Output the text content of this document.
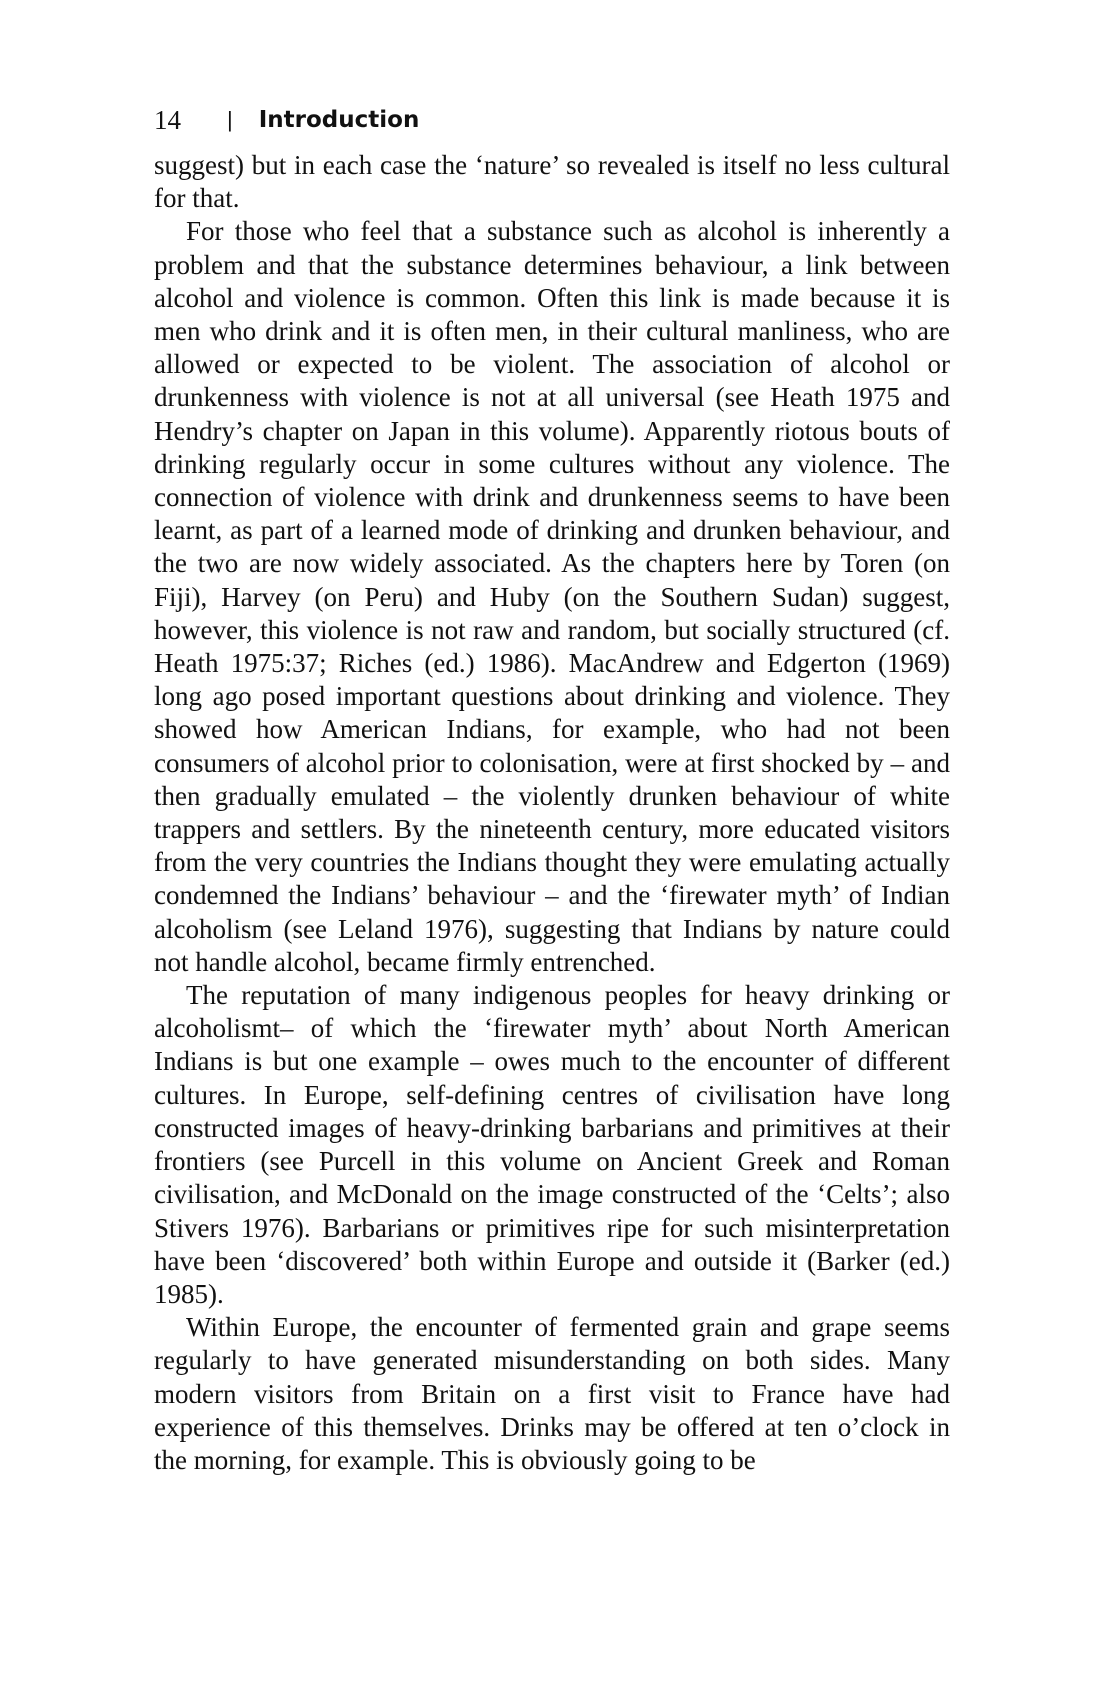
14 | Introduction

suggest) but in each case the ‘nature’ so revealed is itself no less cultural for that.

For those who feel that a substance such as alcohol is inherently a problem and that the substance determines behaviour, a link between alcohol and violence is common. Often this link is made because it is men who drink and it is often men, in their cultural manliness, who are allowed or expected to be violent. The association of alcohol or drunkenness with violence is not at all universal (see Heath 1975 and Hendry’s chapter on Japan in this volume). Apparently riotous bouts of drinking regularly occur in some cultures without any violence. The connection of violence with drink and drunkenness seems to have been learnt, as part of a learned mode of drinking and drunken behaviour, and the two are now widely associated. As the chapters here by Toren (on Fiji), Harvey (on Peru) and Huby (on the Southern Sudan) suggest, however, this violence is not raw and random, but socially structured (cf. Heath 1975:37; Riches (ed.) 1986). MacAndrew and Edgerton (1969) long ago posed important questions about drinking and violence. They showed how American Indians, for example, who had not been consumers of alcohol prior to colonisation, were at first shocked by – and then gradually emulated – the violently drunken behaviour of white trappers and settlers. By the nineteenth century, more educated visitors from the very countries the Indians thought they were emulating actually condemned the Indians’ behaviour – and the ‘firewater myth’ of Indian alcoholism (see Leland 1976), suggesting that Indians by nature could not handle alcohol, became firmly entrenched.

The reputation of many indigenous peoples for heavy drinking or alcoholismt– of which the ‘firewater myth’ about North American Indians is but one example – owes much to the encounter of different cultures. In Europe, self-defining centres of civilisation have long constructed images of heavy-drinking barbarians and primitives at their frontiers (see Purcell in this volume on Ancient Greek and Roman civilisation, and McDonald on the image constructed of the ‘Celts’; also Stivers 1976). Barbarians or primitives ripe for such misinterpretation have been ‘discovered’ both within Europe and outside it (Barker (ed.) 1985).

Within Europe, the encounter of fermented grain and grape seems regularly to have generated misunderstanding on both sides. Many modern visitors from Britain on a first visit to France have had experience of this themselves. Drinks may be offered at ten o’clock in the morning, for example. This is obviously going to be
